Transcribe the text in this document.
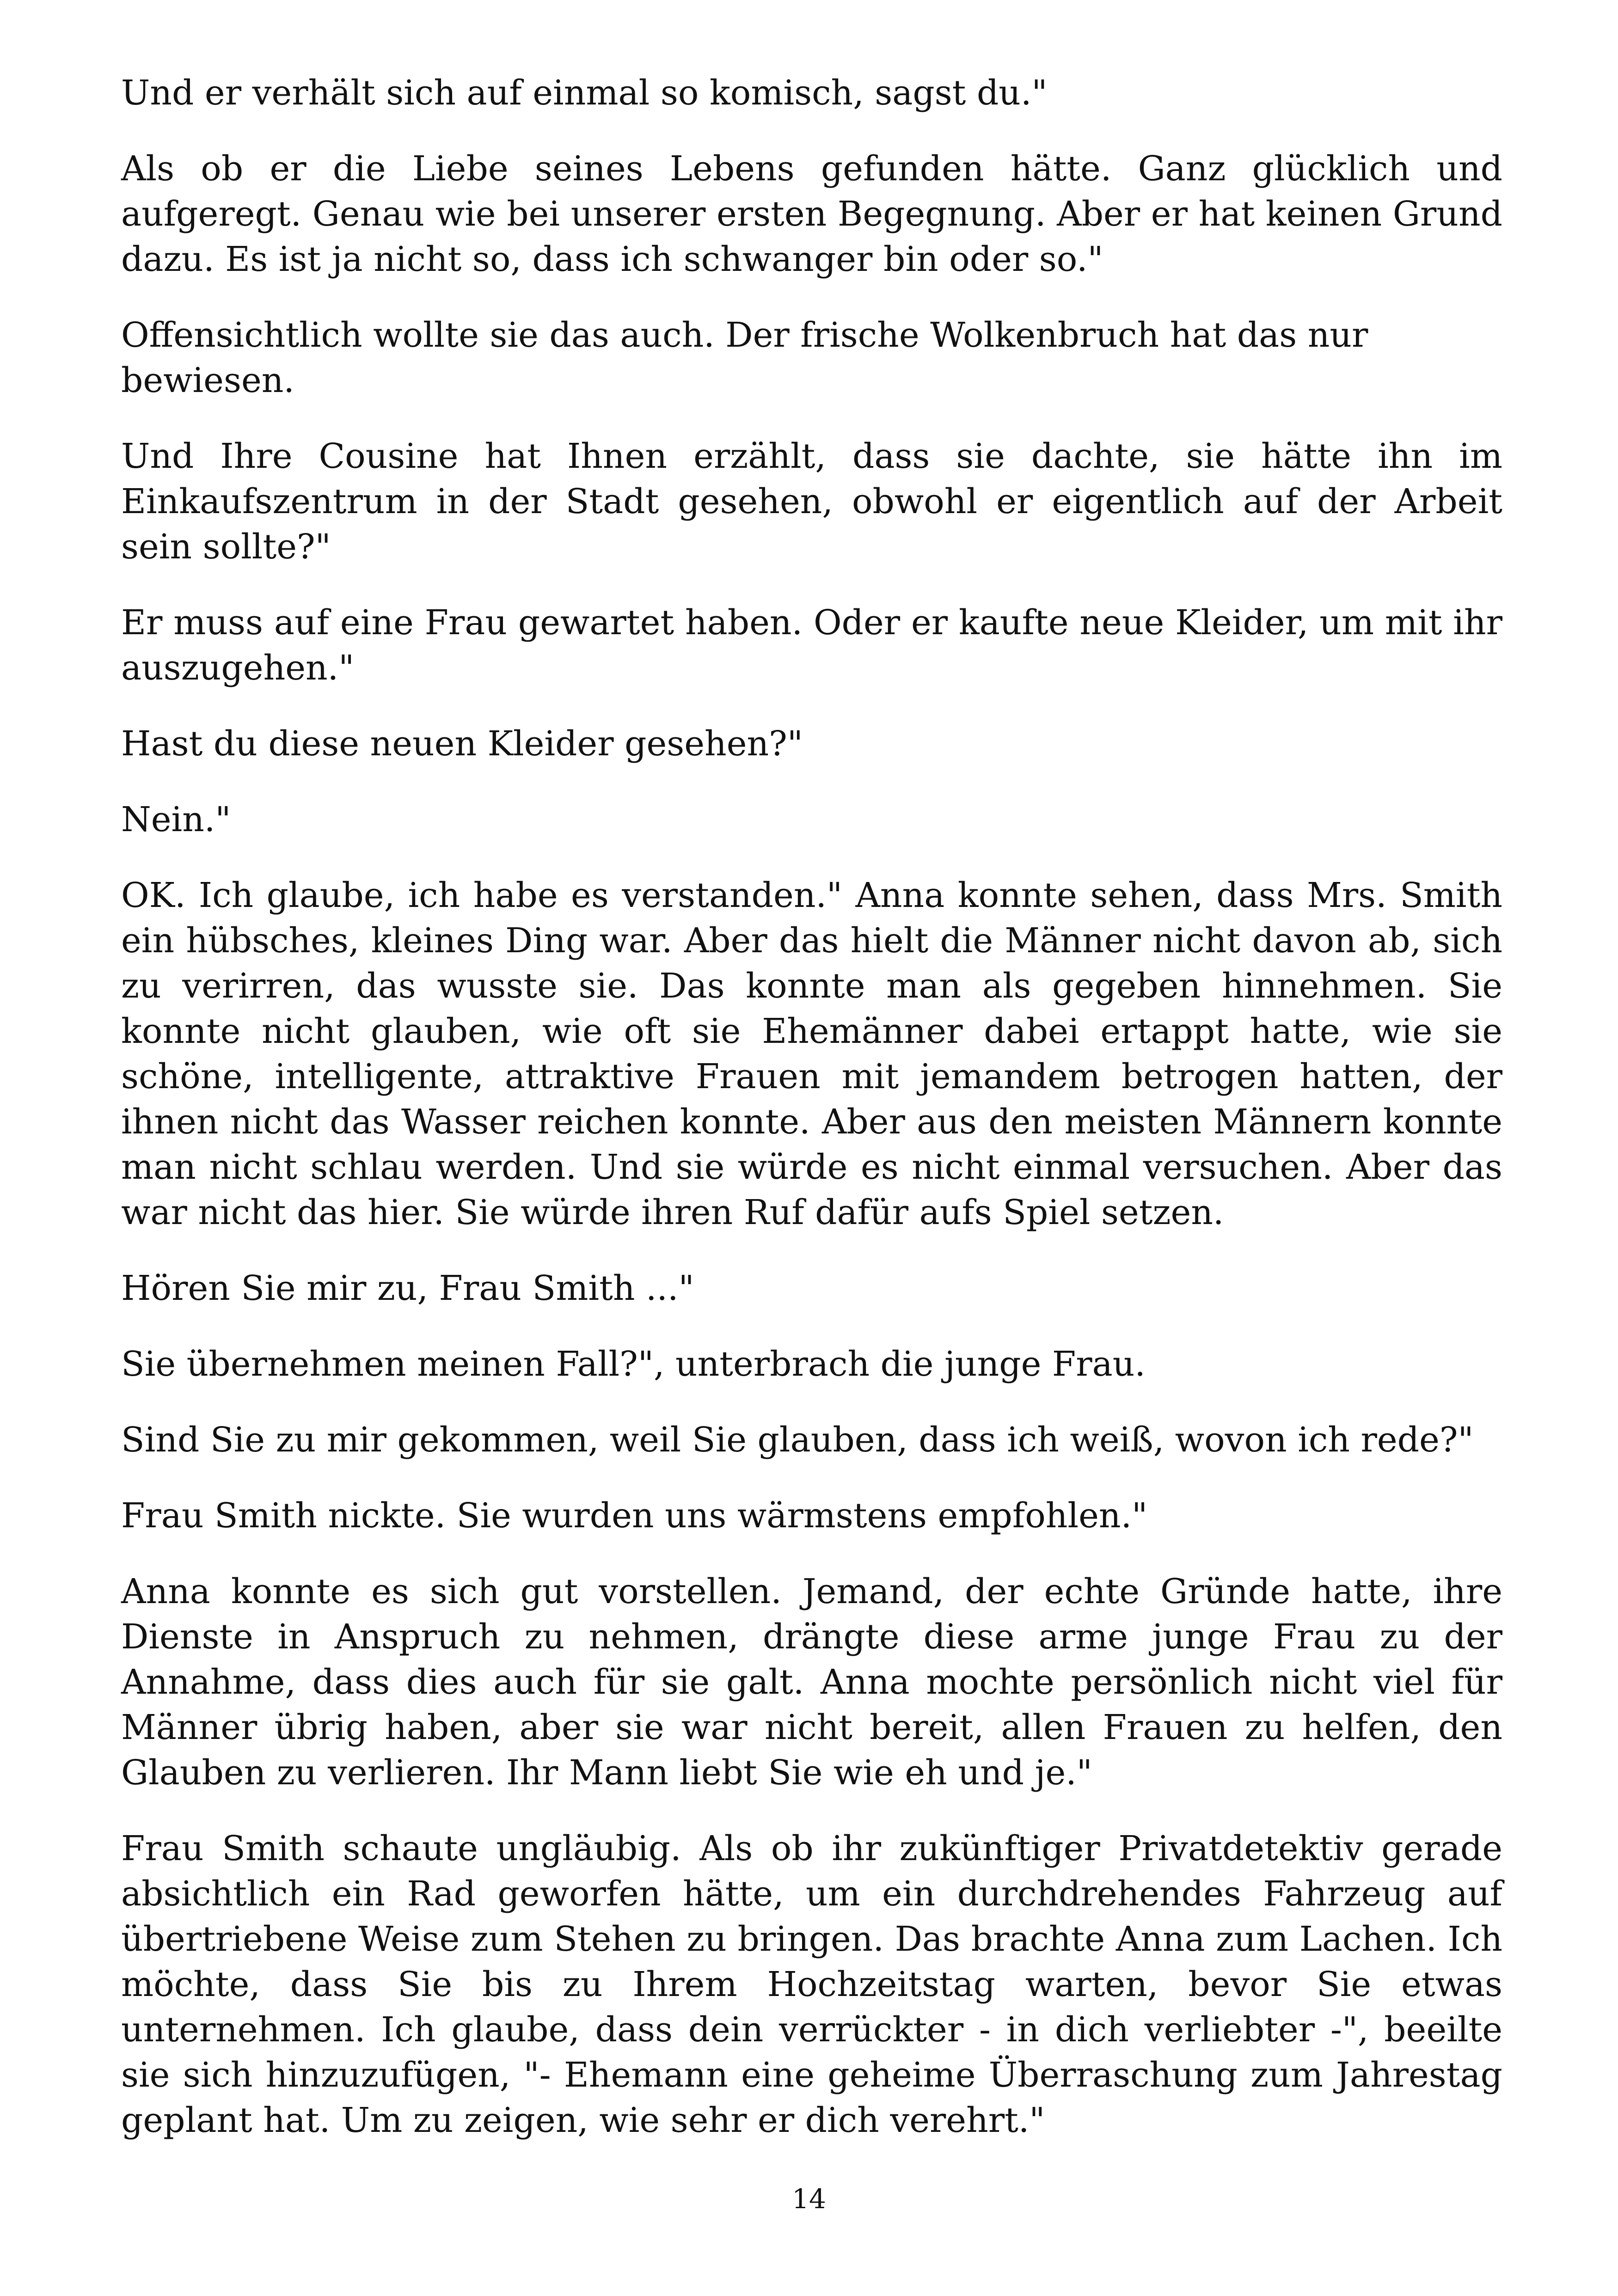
Und er verhält sich auf einmal so komisch, sagst du."

Als ob er die Liebe seines Lebens gefunden hätte. Ganz glücklich und aufgeregt. Genau wie bei unserer ersten Begegnung. Aber er hat keinen Grund dazu. Es ist ja nicht so, dass ich schwanger bin oder so."

Offensichtlich wollte sie das auch. Der frische Wolkenbruch hat das nur bewiesen.

Und Ihre Cousine hat Ihnen erzählt, dass sie dachte, sie hätte ihn im Einkaufszentrum in der Stadt gesehen, obwohl er eigentlich auf der Arbeit sein sollte?"

Er muss auf eine Frau gewartet haben. Oder er kaufte neue Kleider, um mit ihr auszugehen."

Hast du diese neuen Kleider gesehen?"

Nein."

OK. Ich glaube, ich habe es verstanden." Anna konnte sehen, dass Mrs. Smith ein hübsches, kleines Ding war. Aber das hielt die Männer nicht davon ab, sich zu verirren, das wusste sie. Das konnte man als gegeben hinnehmen. Sie konnte nicht glauben, wie oft sie Ehemänner dabei ertappt hatte, wie sie schöne, intelligente, attraktive Frauen mit jemandem betrogen hatten, der ihnen nicht das Wasser reichen konnte. Aber aus den meisten Männern konnte man nicht schlau werden. Und sie würde es nicht einmal versuchen. Aber das war nicht das hier. Sie würde ihren Ruf dafür aufs Spiel setzen.

Hören Sie mir zu, Frau Smith ..."

Sie übernehmen meinen Fall?", unterbrach die junge Frau.

Sind Sie zu mir gekommen, weil Sie glauben, dass ich weiß, wovon ich rede?"

Frau Smith nickte. Sie wurden uns wärmstens empfohlen."

Anna konnte es sich gut vorstellen. Jemand, der echte Gründe hatte, ihre Dienste in Anspruch zu nehmen, drängte diese arme junge Frau zu der Annahme, dass dies auch für sie galt. Anna mochte persönlich nicht viel für Männer übrig haben, aber sie war nicht bereit, allen Frauen zu helfen, den Glauben zu verlieren. Ihr Mann liebt Sie wie eh und je."

Frau Smith schaute ungläubig. Als ob ihr zukünftiger Privatdetektiv gerade absichtlich ein Rad geworfen hätte, um ein durchdrehendes Fahrzeug auf übertriebene Weise zum Stehen zu bringen. Das brachte Anna zum Lachen. Ich möchte, dass Sie bis zu Ihrem Hochzeitstag warten, bevor Sie etwas unternehmen. Ich glaube, dass dein verrückter - in dich verliebter -", beeilte sie sich hinzuzufügen, "- Ehemann eine geheime Überraschung zum Jahrestag geplant hat. Um zu zeigen, wie sehr er dich verehrt."

14
